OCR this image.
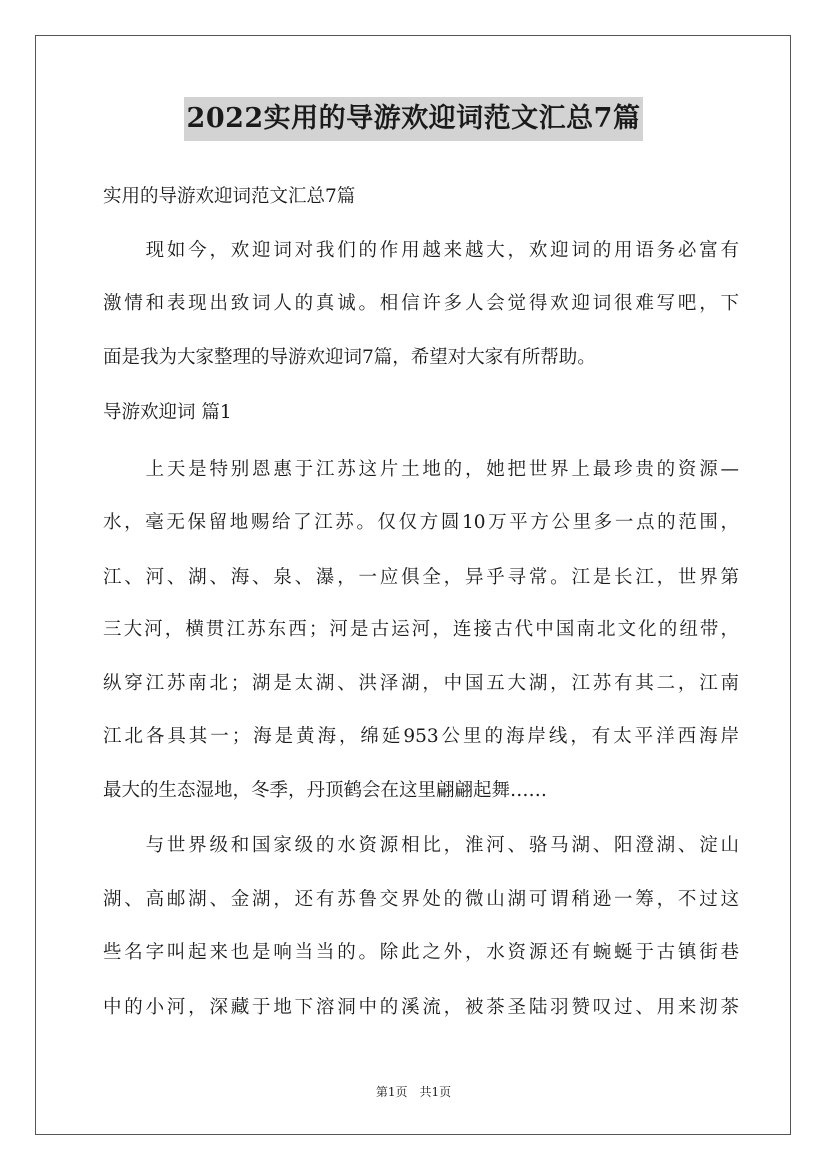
2022实用的导游欢迎词范文汇总7篇
实用的导游欢迎词范文汇总7篇
　　现如今，欢迎词对我们的作用越来越大，欢迎词的用语务必富有
激情和表现出致词人的真诚。相信许多人会觉得欢迎词很难写吧，下
面是我为大家整理的导游欢迎词7篇，希望对大家有所帮助。
导游欢迎词 篇1
　　上天是特别恩惠于江苏这片土地的，她把世界上最珍贵的资源—
水，毫无保留地赐给了江苏。仅仅方圆10万平方公里多一点的范围，
江、河、湖、海、泉、瀑，一应俱全，异乎寻常。江是长江，世界第
三大河，横贯江苏东西；河是古运河，连接古代中国南北文化的纽带，
纵穿江苏南北；湖是太湖、洪泽湖，中国五大湖，江苏有其二，江南
江北各具其一；海是黄海，绵延953公里的海岸线，有太平洋西海岸
最大的生态湿地，冬季，丹顶鹤会在这里翩翩起舞……
　　与世界级和国家级的水资源相比，淮河、骆马湖、阳澄湖、淀山
湖、高邮湖、金湖，还有苏鲁交界处的微山湖可谓稍逊一筹，不过这
些名字叫起来也是响当当的。除此之外，水资源还有蜿蜒于古镇街巷
中的小河，深藏于地下溶洞中的溪流，被茶圣陆羽赞叹过、用来沏茶
第1页　共1页
